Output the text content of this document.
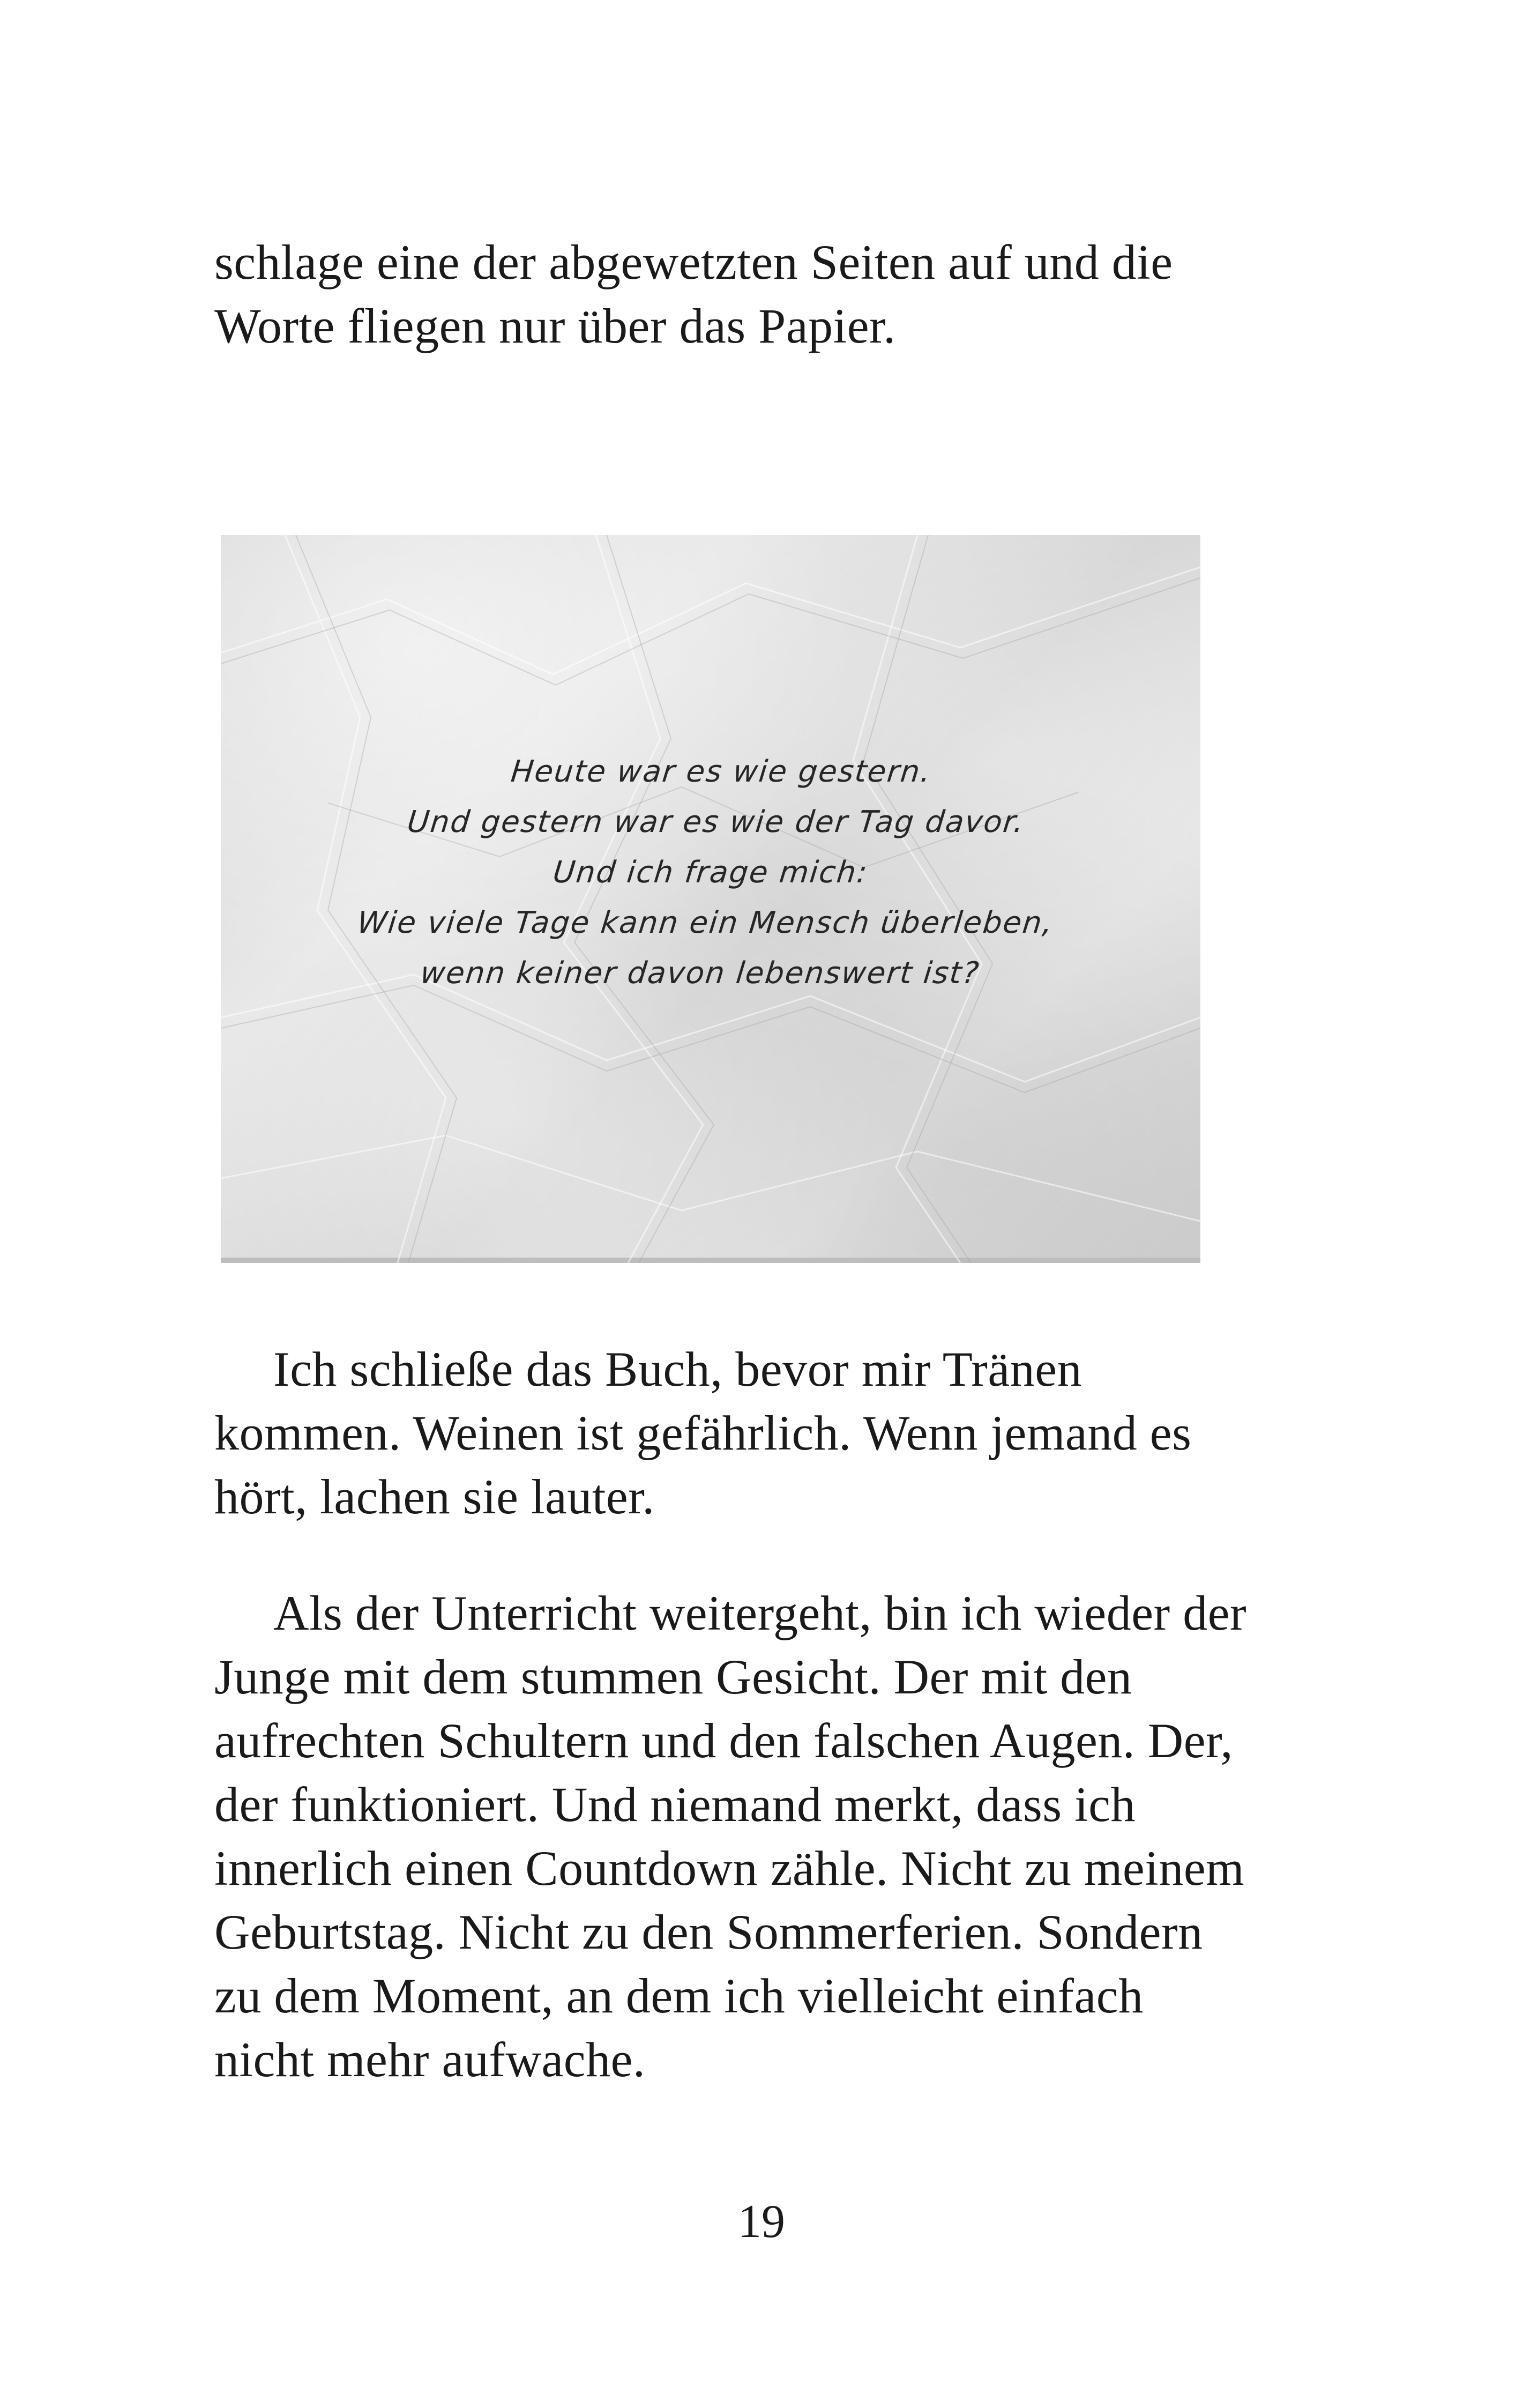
schlage eine der abgewetzten Seiten auf und die
Worte fliegen nur über das Papier.

Heute war es wie gestern.
Und gestern war es wie der Tag davor.
Und ich frage mich:
Wie viele Tage kann ein Mensch überleben,
wenn keiner davon lebenswert ist?

Ich schließe das Buch, bevor mir Tränen
kommen. Weinen ist gefährlich. Wenn jemand es
hört, lachen sie lauter.

Als der Unterricht weitergeht, bin ich wieder der
Junge mit dem stummen Gesicht. Der mit den
aufrechten Schultern und den falschen Augen. Der,
der funktioniert. Und niemand merkt, dass ich
innerlich einen Countdown zähle. Nicht zu meinem
Geburtstag. Nicht zu den Sommerferien. Sondern
zu dem Moment, an dem ich vielleicht einfach
nicht mehr aufwache.

19
